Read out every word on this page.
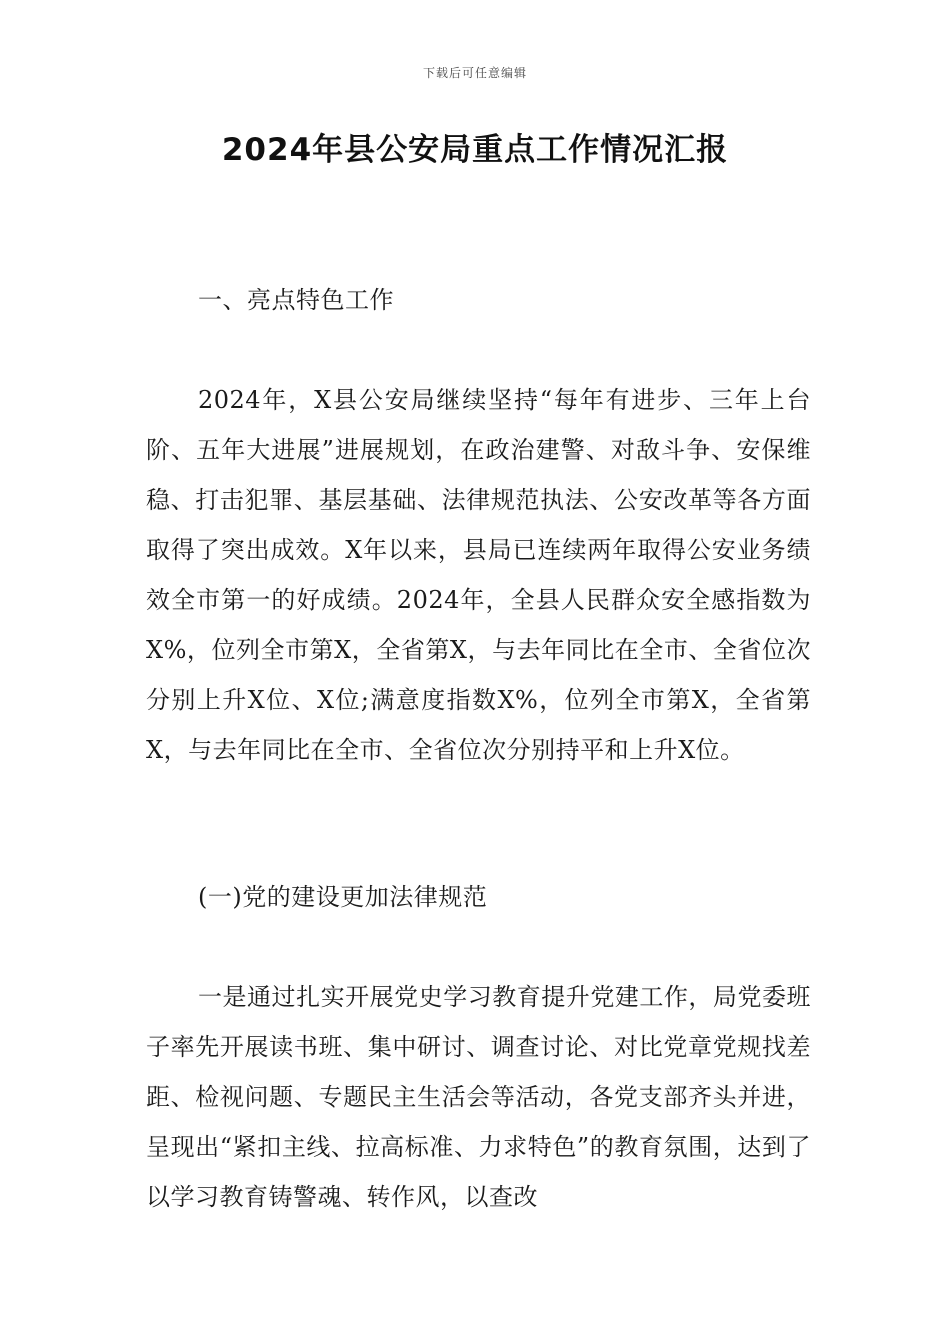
下载后可任意编辑
2024年县公安局重点工作情况汇报

一、亮点特色工作

2024年，X县公安局继续坚持“每年有进步、三年上台阶、五年大进展”进展规划，在政治建警、对敌斗争、安保维稳、打击犯罪、基层基础、法律规范执法、公安改革等各方面取得了突出成效。X年以来，县局已连续两年取得公安业务绩效全市第一的好成绩。2024年，全县人民群众安全感指数为X%，位列全市第X，全省第X，与去年同比在全市、全省位次分别上升X位、X位;满意度指数X%，位列全市第X，全省第X，与去年同比在全市、全省位次分别持平和上升X位。

(一)党的建设更加法律规范

一是通过扎实开展党史学习教育提升党建工作，局党委班子率先开展读书班、集中研讨、调查讨论、对比党章党规找差距、检视问题、专题民主生活会等活动，各党支部齐头并进，呈现出“紧扣主线、拉高标准、力求特色”的教育氛围，达到了以学习教育铸警魂、转作风，以查改
